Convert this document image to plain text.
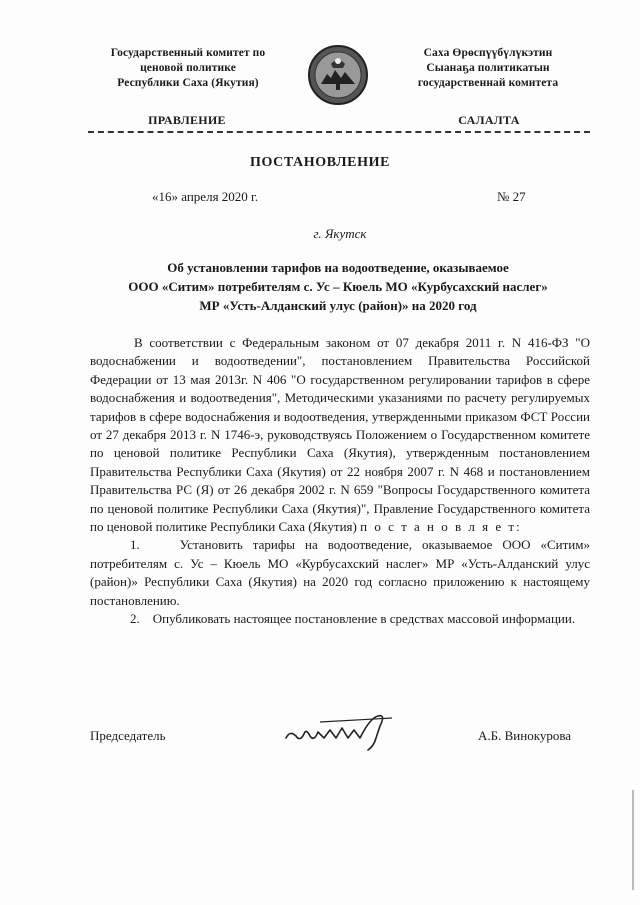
Государственный комитет по
ценовой политике
Республики Саха (Якутия)
Саха Өрөспүүбүлүкэтин
Сыанаҕа политикатын
государственнай комитета
ПРАВЛЕНИЕ	САЛАЛТА
ПОСТАНОВЛЕНИЕ
«16» апреля 2020 г.	№ 27
г. Якутск
Об установлении тарифов на водоотведение, оказываемое
ООО «Ситим» потребителям с. Ус – Кюель МО «Курбусахский наслег»
МР «Усть-Алданский улус (район)» на 2020 год

В соответствии с Федеральным законом от 07 декабря 2011 г. N 416-ФЗ "О водоснабжении и водоотведении", постановлением Правительства Российской Федерации от 13 мая 2013г. N 406 "О государственном регулировании тарифов в сфере водоснабжения и водоотведения", Методическими указаниями по расчету регулируемых тарифов в сфере водоснабжения и водоотведения, утвержденными приказом ФСТ России от 27 декабря 2013 г. N 1746-э, руководствуясь Положением о Государственном комитете по ценовой политике Республики Саха (Якутия), утвержденным постановлением Правительства Республики Саха (Якутия) от 22 ноября 2007 г. N 468 и постановлением Правительства РС (Я) от 26 декабря 2002 г. N 659 "Вопросы Государственного комитета по ценовой политике Республики Саха (Якутия)", Правление Государственного комитета по ценовой политике Республики Саха (Якутия) п о с т а н о в л я е т:

1.    Установить тарифы на водоотведение, оказываемое ООО «Ситим» потребителям с. Ус – Кюель МО «Курбусахский наслег» МР «Усть-Алданский улус (район)» Республики Саха (Якутия) на 2020 год согласно приложению к настоящему постановлению.

2.    Опубликовать настоящее постановление в средствах массовой информации.

Председатель	А.Б. Винокурова
